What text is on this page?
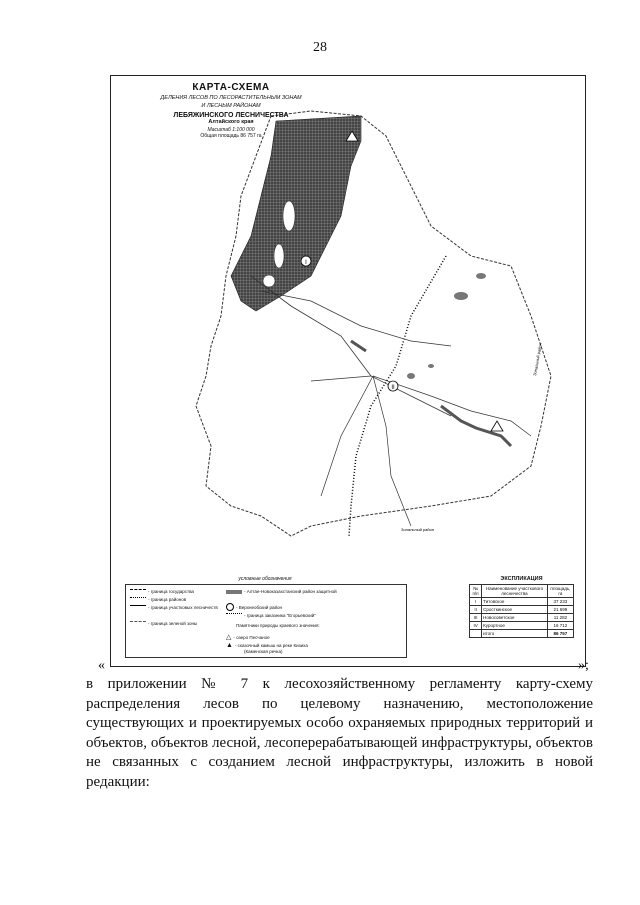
28
I
II
Зональный район
Зональный район
КАРТА-СХЕМА
ДЕЛЕНИЯ ЛЕСОВ ПО ЛЕСОРАСТИТЕЛЬНЫМ ЗОНАМ
И ЛЕСНЫМ РАЙОНАМ
ЛЕБЯЖИНСКОГО ЛЕСНИЧЕСТВА
Алтайского края
Масштаб 1:100 000
Общая площадь 86 757 га
условные обозначения
- граница государства
- граница районов
- граница участковых лесничеств
- граница зеленой зоны
- Алтае-Новоказахстанский район защитной
- Верхнеобский район
- граница заказника "Егорьевский"
Памятники природы краевого значения:
△ - озеро Песчаное
▲ - сказочный камыш на реке Кизиха
(Каменская речка)
ЭКСПЛИКАЦИЯ
№ п/п	Наименование участкового лесничества	площадь, га
I	Титовское	37 233
II	Сросткинское	21 699
III	Новосоветское	11 282
IV	Курортное	16 712
	итого	86 757
«	»;
в приложении № 7 к лесохозяйственному регламенту карту-схему распределения лесов по целевому назначению, местоположение существующих и проектируемых особо охраняемых природных территорий и объектов, объектов лесной, лесоперерабатывающей инфраструктуры, объектов не связанных с созданием лесной инфраструктуры, изложить в новой редакции:
